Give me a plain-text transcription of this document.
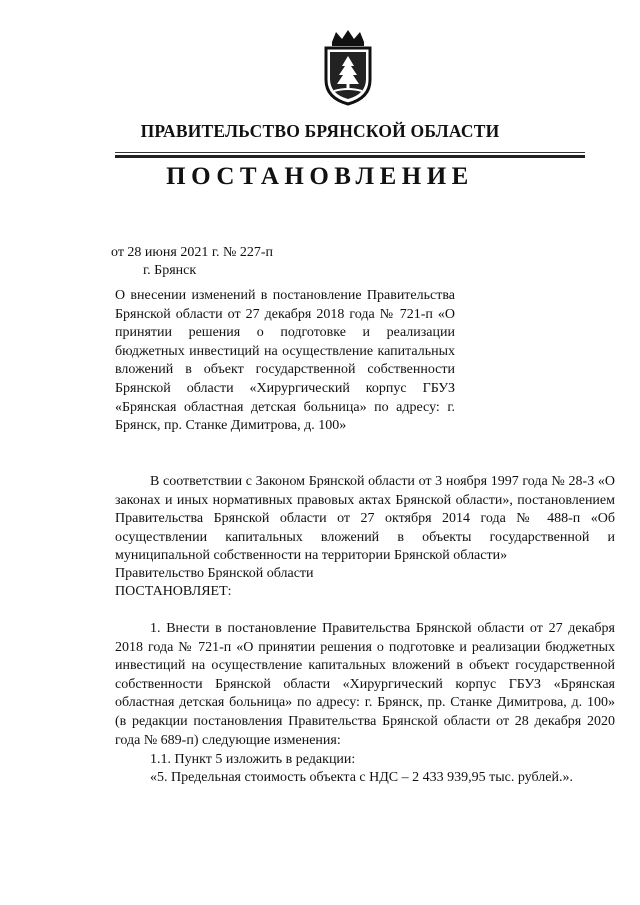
ПРАВИТЕЛЬСТВО БРЯНСКОЙ ОБЛАСТИ
ПОСТАНОВЛЕНИЕ
от 28 июня 2021 г. № 227-п
г. Брянск
О внесении изменений в постановление Правительства Брянской области от 27 декабря 2018 года № 721-п «О принятии решения о подготовке и реализации бюджетных инвестиций на осуществление капитальных вложений в объект государственной собственности Брянской области «Хирургический корпус ГБУЗ «Брянская областная детская больница» по адресу: г. Брянск, пр. Станке Димитрова, д. 100»
В соответствии с Законом Брянской области от 3 ноября 1997 года № 28-З «О законах и иных нормативных правовых актах Брянской области», постановлением Правительства Брянской области от 27 октября 2014 года № 488-п «Об осуществлении капитальных вложений в объекты государственной и муниципальной собственности на территории Брянской области»
Правительство Брянской области
ПОСТАНОВЛЯЕТ:
1. Внести в постановление Правительства Брянской области от 27 декабря 2018 года № 721-п «О принятии решения о подготовке и реализации бюджетных инвестиций на осуществление капитальных вложений в объект государственной собственности Брянской области «Хирургический корпус ГБУЗ «Брянская областная детская больница» по адресу: г. Брянск, пр. Станке Димитрова, д. 100» (в редакции постановления Правительства Брянской области от 28 декабря 2020 года № 689-п) следующие изменения:
1.1. Пункт 5 изложить в редакции:
«5. Предельная стоимость объекта с НДС – 2 433 939,95 тыс. рублей.».
